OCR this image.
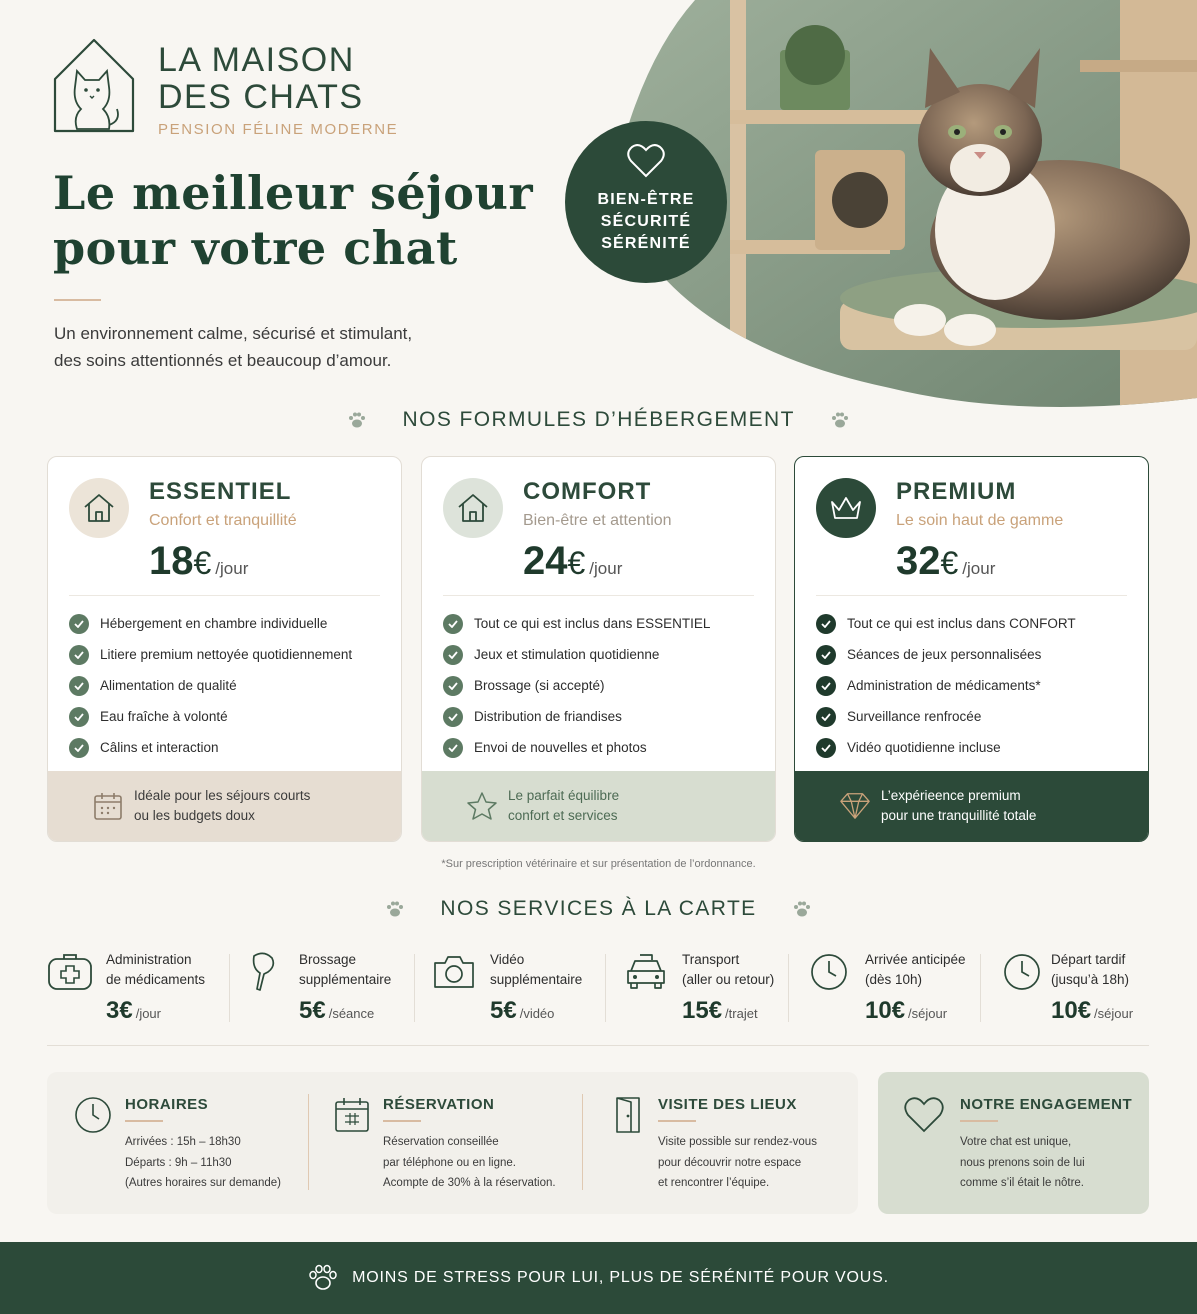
LA MAISON
DES CHATS
PENSION FÉLINE MODERNE
Le meilleur séjour
pour votre chat
Un environnement calme, sécurisé et stimulant,
des soins attentionnés et beaucoup d’amour.
BIEN-ÊTRE
SÉCURITÉ
SÉRÉNITÉ
NOS FORMULES D’HÉBERGEMENT
ESSENTIEL
Confort et tranquillité
18€ /jour
Hébergement en chambre individuelle
Litiere premium nettoyée quotidiennement
Alimentation de qualité
Eau fraîche à volonté
Câlins et interaction
Idéale pour les séjours courts
ou les budgets doux
COMFORT
Bien-être et attention
24€ /jour
Tout ce qui est inclus dans ESSENTIEL
Jeux et stimulation quotidienne
Brossage (si accepté)
Distribution de friandises
Envoi de nouvelles et photos
Le parfait équilibre
confort et services
PREMIUM
Le soin haut de gamme
32€ /jour
Tout ce qui est inclus dans CONFORT
Séances de jeux personnalisées
Administration de médicaments*
Surveillance renfrocée
Vidéo quotidienne incluse
L’expérieence premium
pour une tranquillité totale
*Sur prescription vétérinaire et sur présentation de l’ordonnance.
NOS SERVICES À LA CARTE
Administration
de médicaments
3€ /jour
Brossage
supplémentaire
5€ /séance
Vidéo
supplémentaire
5€ /vidéo
Transport
(aller ou retour)
15€ /trajet
Arrivée anticipée
(dès 10h)
10€ /séjour
Départ tardif
(jusqu’à 18h)
10€ /séjour
HORAIRES
Arrivées : 15h – 18h30
Départs : 9h – 11h30
(Autres horaires sur demande)
RÉSERVATION
Réservation conseillée
par téléphone ou en ligne.
Acompte de 30% à la réservation.
VISITE DES LIEUX
Visite possible sur rendez-vous
pour découvrir notre espace
et rencontrer l’équipe.
NOTRE ENGAGEMENT
Votre chat est unique,
nous prenons soin de lui
comme s’il était le nôtre.
MOINS DE STRESS POUR LUI, PLUS DE SÉRÉNITÉ POUR VOUS.
